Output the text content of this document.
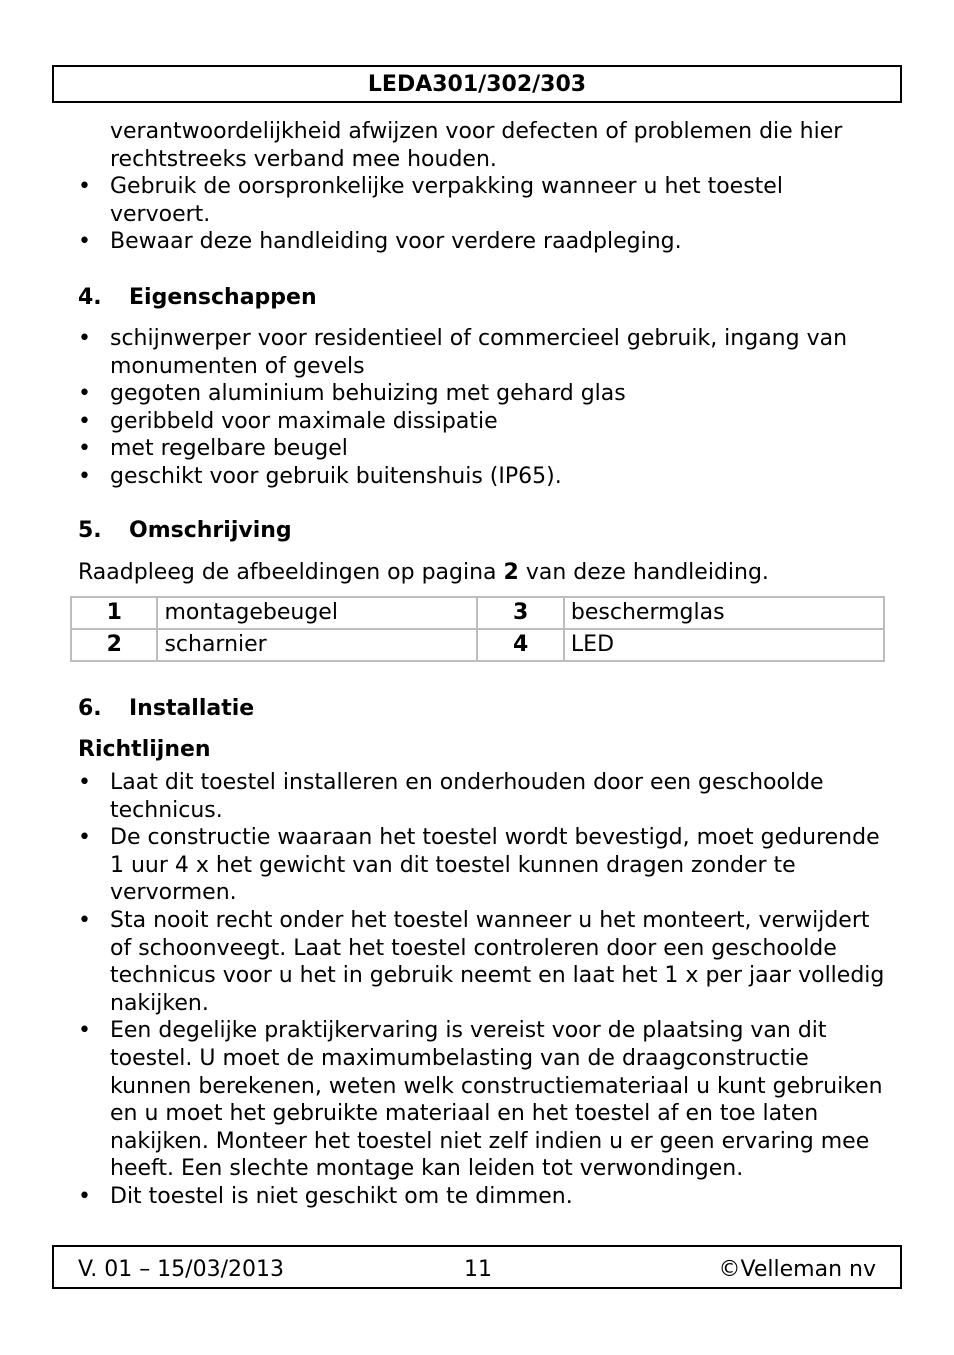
LEDA301/302/303
verantwoordelijkheid afwijzen voor defecten of problemen die hier rechtstreeks verband mee houden.
• Gebruik de oorspronkelijke verpakking wanneer u het toestel vervoert.
• Bewaar deze handleiding voor verdere raadpleging.
4. Eigenschappen
• schijnwerper voor residentieel of commercieel gebruik, ingang van monumenten of gevels
• gegoten aluminium behuizing met gehard glas
• geribbeld voor maximale dissipatie
• met regelbare beugel
• geschikt voor gebruik buitenshuis (IP65).
5. Omschrijving

Raadpleeg de afbeeldingen op pagina 2 van deze handleiding.

1	montagebeugel	3	beschermglas
2	scharnier	4	LED
6. Installatie
Richtlijnen
• Laat dit toestel installeren en onderhouden door een geschoolde technicus.
• De constructie waaraan het toestel wordt bevestigd, moet gedurende 1 uur 4 x het gewicht van dit toestel kunnen dragen zonder te vervormen.
• Sta nooit recht onder het toestel wanneer u het monteert, verwijdert of schoonveegt. Laat het toestel controleren door een geschoolde technicus voor u het in gebruik neemt en laat het 1 x per jaar volledig nakijken.
• Een degelijke praktijkervaring is vereist voor de plaatsing van dit toestel. U moet de maximumbelasting van de draagconstructie kunnen berekenen, weten welk constructiemateriaal u kunt gebruiken en u moet het gebruikte materiaal en het toestel af en toe laten nakijken. Monteer het toestel niet zelf indien u er geen ervaring mee heeft. Een slechte montage kan leiden tot verwondingen.
• Dit toestel is niet geschikt om te dimmen.
V. 01 – 15/03/2013	11	©Velleman nv
